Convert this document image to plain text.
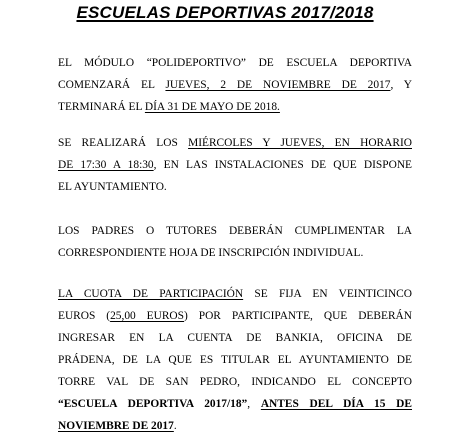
ESCUELAS DEPORTIVAS 2017/2018
EL MÓDULO “POLIDEPORTIVO” DE ESCUELA DEPORTIVA
COMENZARÁ EL JUEVES, 2 DE NOVIEMBRE DE 2017, Y
TERMINARÁ EL DÍA 31 DE MAYO DE 2018.
SE REALIZARÁ LOS MIÉRCOLES Y JUEVES, EN HORARIO
DE 17:30 A 18:30, EN LAS INSTALACIONES DE QUE DISPONE
EL AYUNTAMIENTO.
LOS PADRES O TUTORES DEBERÁN CUMPLIMENTAR LA
CORRESPONDIENTE HOJA DE INSCRIPCIÓN INDIVIDUAL.
LA CUOTA DE PARTICIPACIÓN SE FIJA EN VEINTICINCO
EUROS (25,00 EUROS) POR PARTICIPANTE, QUE DEBERÁN
INGRESAR EN LA CUENTA DE BANKIA, OFICINA DE
PRÁDENA, DE LA QUE ES TITULAR EL AYUNTAMIENTO DE
TORRE VAL DE SAN PEDRO, INDICANDO EL CONCEPTO
“ESCUELA DEPORTIVA 2017/18”, ANTES DEL DÍA 15 DE
NOVIEMBRE DE 2017.
